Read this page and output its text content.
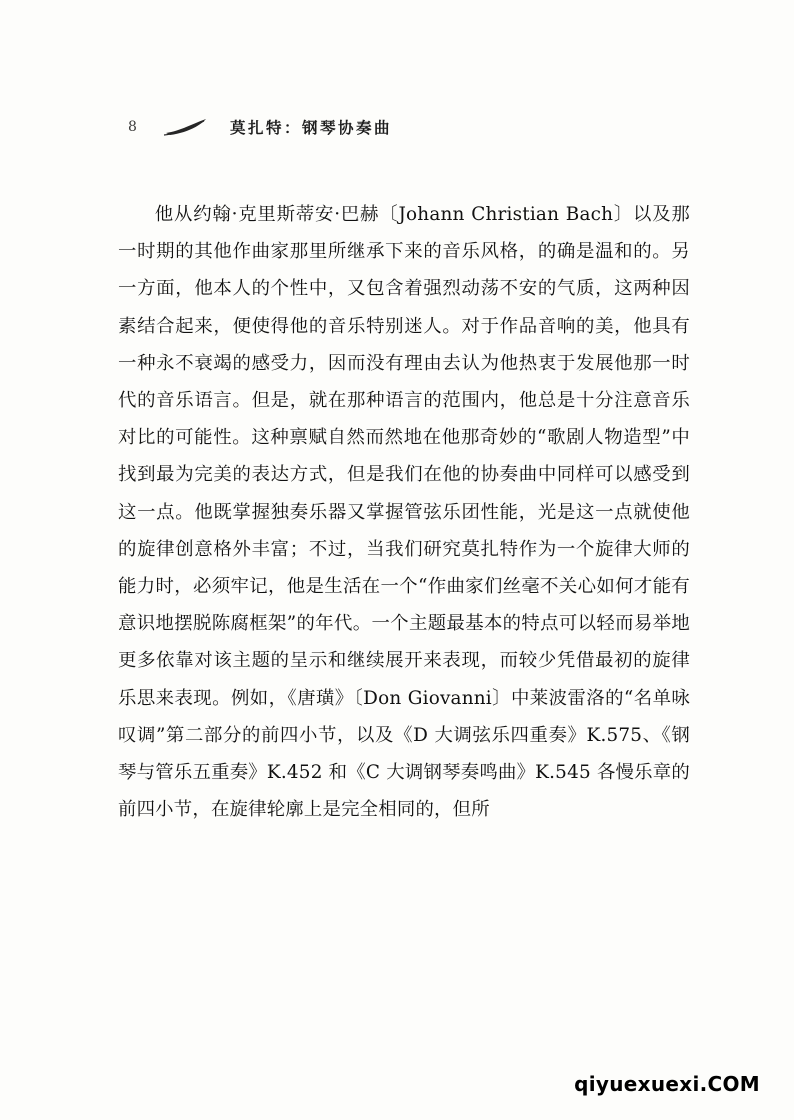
8	莫扎特：钢琴协奏曲

他从约翰·克里斯蒂安·巴赫〔Johann Christian Bach〕以及那一时期的其他作曲家那里所继承下来的音乐风格，的确是温和的。另一方面，他本人的个性中，又包含着强烈动荡不安的气质，这两种因素结合起来，便使得他的音乐特别迷人。对于作品音响的美，他具有一种永不衰竭的感受力，因而没有理由去认为他热衷于发展他那一时代的音乐语言。但是，就在那种语言的范围内，他总是十分注意音乐对比的可能性。这种禀赋自然而然地在他那奇妙的“歌剧人物造型”中找到最为完美的表达方式，但是我们在他的协奏曲中同样可以感受到这一点。他既掌握独奏乐器又掌握管弦乐团性能，光是这一点就使他的旋律创意格外丰富；不过，当我们研究莫扎特作为一个旋律大师的能力时，必须牢记，他是生活在一个“作曲家们丝毫不关心如何才能有意识地摆脱陈腐框架”的年代。一个主题最基本的特点可以轻而易举地更多依靠对该主题的呈示和继续展开来表现，而较少凭借最初的旋律乐思来表现。例如，《唐璜》〔Don Giovanni〕中莱波雷洛的“名单咏叹调”第二部分的前四小节，以及《D 大调弦乐四重奏》K.575、《钢琴与管乐五重奏》K.452 和《C 大调钢琴奏鸣曲》K.545 各慢乐章的前四小节，在旋律轮廓上是完全相同的，但所

qiyuexuexi.COM
